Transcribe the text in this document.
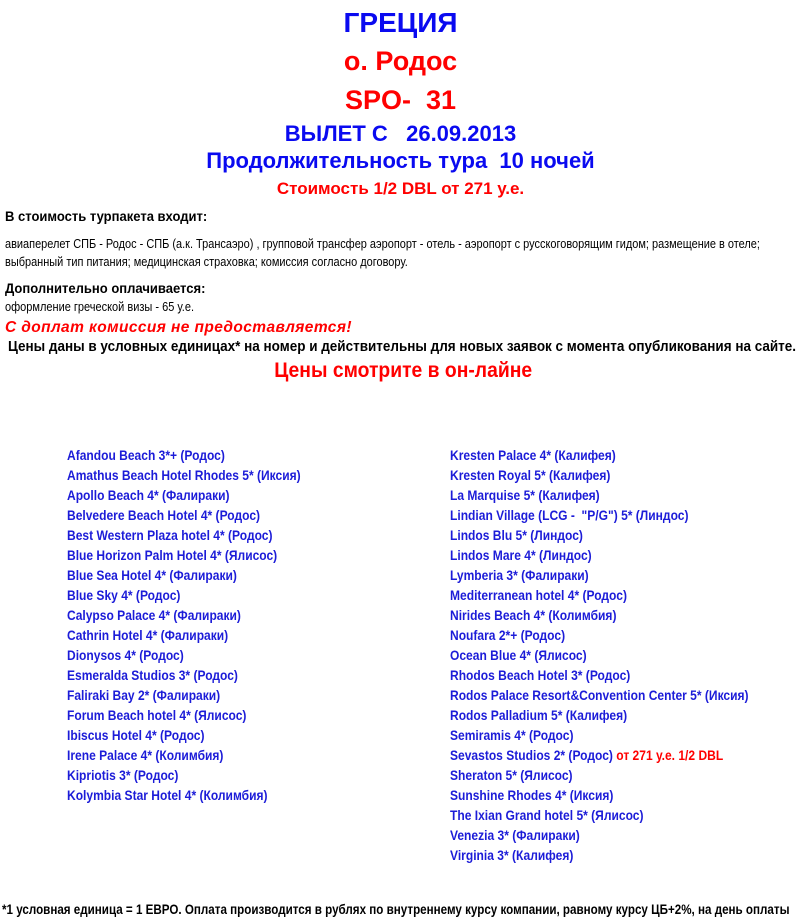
ГРЕЦИЯ
о. Родос
SPO-  31
ВЫЛЕТ С   26.09.2013
Продолжительность тура  10 ночей
Стоимость 1/2 DBL от 271 у.е.
В стоимость турпакета входит:

авиаперелет СПБ - Родос - СПБ (а.к. Трансаэро) , групповой трансфер аэропорт - отель - аэропорт с русскоговорящим гидом; размещение в отеле; выбранный тип питания; медицинская страховка; комиссия согласно договору.

Дополнительно оплачивается:
оформление греческой визы - 65 у.е.
С доплат комиссия не предоставляется!
Цены даны в условных единицах* на номер и действительны для новых заявок с момента опубликования на сайте.
Цены смотрите в он-лайне
Afandou Beach 3*+ (Родос)
Amathus Beach Hotel Rhodes 5* (Иксия)
Apollo Beach 4* (Фалираки)
Belvedere Beach Hotel 4* (Родос)
Best Western Plaza hotel 4* (Родос)
Blue Horizon Palm Hotel 4* (Ялисос)
Blue Sea Hotel 4* (Фалираки)
Blue Sky 4* (Родос)
Calypso Palace 4* (Фалираки)
Cathrin Hotel 4* (Фалираки)
Dionysos 4* (Родос)
Esmeralda Studios 3* (Родос)
Faliraki Bay 2* (Фалираки)
Forum Beach hotel 4* (Ялисос)
Ibiscus Hotel 4* (Родос)
Irene Palace 4* (Колимбия)
Kipriotis 3* (Родос)
Kolymbia Star Hotel 4* (Колимбия)
Kresten Palace 4* (Калифея)
Kresten Royal 5* (Калифея)
La Marquise 5* (Калифея)
Lindian Village (LCG -  "P/G") 5* (Линдос)
Lindos Blu 5* (Линдос)
Lindos Mare 4* (Линдос)
Lymberia 3* (Фалираки)
Mediterranean hotel 4* (Родос)
Nirides Beach 4* (Колимбия)
Noufara 2*+ (Родос)
Ocean Blue 4* (Ялисос)
Rhodos Beach Hotel 3* (Родос)
Rodos Palace Resort&Convention Center 5* (Иксия)
Rodos Palladium 5* (Калифея)
Semiramis 4* (Родос)
Sevastos Studios 2* (Родос) от 271 у.е. 1/2 DBL
Sheraton 5* (Ялисос)
Sunshine Rhodes 4* (Иксия)
The Ixian Grand hotel 5* (Ялисос)
Venezia 3* (Фалираки)
Virginia 3* (Калифея)
*1 условная единица = 1 ЕВРО. Оплата производится в рублях по внутреннему курсу компании, равному курсу ЦБ+2%, на день оплаты
